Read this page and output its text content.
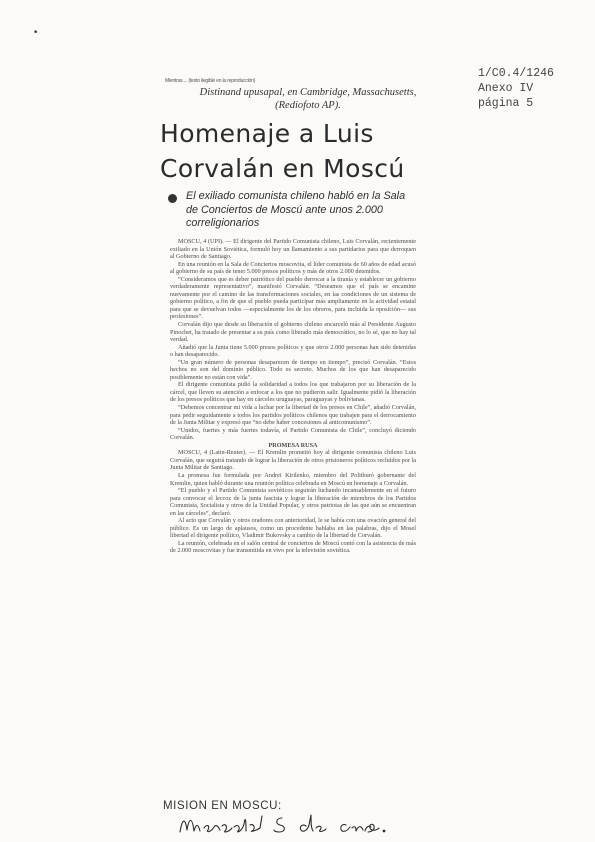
•
1/C0.4/1246
Anexo IV
página 5
Mientras ... (texto ilegible en la reproducción)
Distinand upusapal, en Cambridge, Massachusetts, (Rediofoto AP).
Homenaje a Luis
Corvalán en Moscú
El exiliado comunista chileno habló en la Sala de Conciertos de Moscú ante unos 2.000 correligionarios

MOSCU, 4 (UPI). — El dirigente del Partido Comunista chileno, Luis Corvalán, recientemente exiliado en la Unión Soviética, formuló hoy un llamamiento a sus partidarios para que derroquen al Gobierno de Santiago.

En una reunión en la Sala de Conciertos moscovita, el líder comunista de 60 años de edad acusó al gobierno de su país de tener 5.000 presos políticos y más de otros 2.000 detenidos.

“Consideramos que es deber patriótico del pueblo derrocar a la tiranía y establecer un gobierno verdaderamente representativo”, manifestó Corvalán. “Deseamos que el país se encamine nuevamente por el camino de las transformaciones sociales, en las condiciones de un sistema de gobierno político, a fin de que el pueblo pueda participar más ampliamente en la actividad estatal para que se devuelvan todos —especialmente los de los obreros, para incluida la oposición— sus profesiones”.

Corvalán dijo que desde su liberación el gobierno chileno encarceló más al Presidente Augusto Pinochet, ha tratado de presentar a su país como liberado más democrático, no lo sé, que no hay tal verdad.

Añadió que la Junta tiene 5.000 presos políticos y que otros 2.000 personas han sido detenidas o han desaparecido.

“Un gran número de personas desaparecen de tiempo en tiempo”, precisó Corvalán. “Estos hechos no son del dominio público. Todo es secreto. Muchos de los que han desaparecido posiblemente no están con vida”.

El dirigente comunista pidió la solidaridad a todos los que trabajaron por su liberación de la cárcel, que lleven su atención a enfocar a los que no pudieron salir. Igualmente pidió la liberación de los presos políticos que hay en cárceles uruguayas, paraguayas y bolivianas.

“Debemos concentrar mi vida a luchar por la libertad de los presos en Chile”, añadió Corvalán, para pedir seguidamente a todos los partidos políticos chilenos que trabajen para el derrocamiento de la Junta Militar y expresó que “no debe haber concesiones al anticomunismo”.

“Unidos, fuertes y más fuertes todavía, el Partido Comunista de Chile”, concluyó diciendo Corvalán.

PROMESA RUSA

MOSCU, 4 (Latin-Reuter). — El Kremlin prometió hoy al dirigente comunista chileno Luis Corvalán, que seguirá tratando de lograr la liberación de otros prisioneros políticos recluidos por la Junta Militar de Santiago.

La promesa fue formulada por Andrei Kirilenko, miembro del Politburó gobernante del Kremlin, quien habló durante una reunión política celebrada en Moscú en homenaje a Corvalán.

“El pueblo y el Partido Comunista soviéticos seguirán luchando incansablemente en el futuro para convocar el leccoz de la junta fascista y lograr la liberación de miembros de los Partidos Comunista, Socialista y otros de la Unidad Popular, y otros patriotas de las que aún se encuentran en las cárceles”, declaró.

Al acto que Corvalán y otros oradores con anterioridad, le se había con una ovación general del público. Es un largo de aplausos, como un procedente hablaba en las palabras, dijo el Mosel libertad el dirigente político, Vladimir Bukovsky a cambio de la libertad de Corvalán.

La reunión, celebrada en el salón central de conciertos de Moscú contó con la asistencia de más de 2.000 moscovitas y fue transmitida en vivo por la televisión soviética.

MISION EN MOSCU:
